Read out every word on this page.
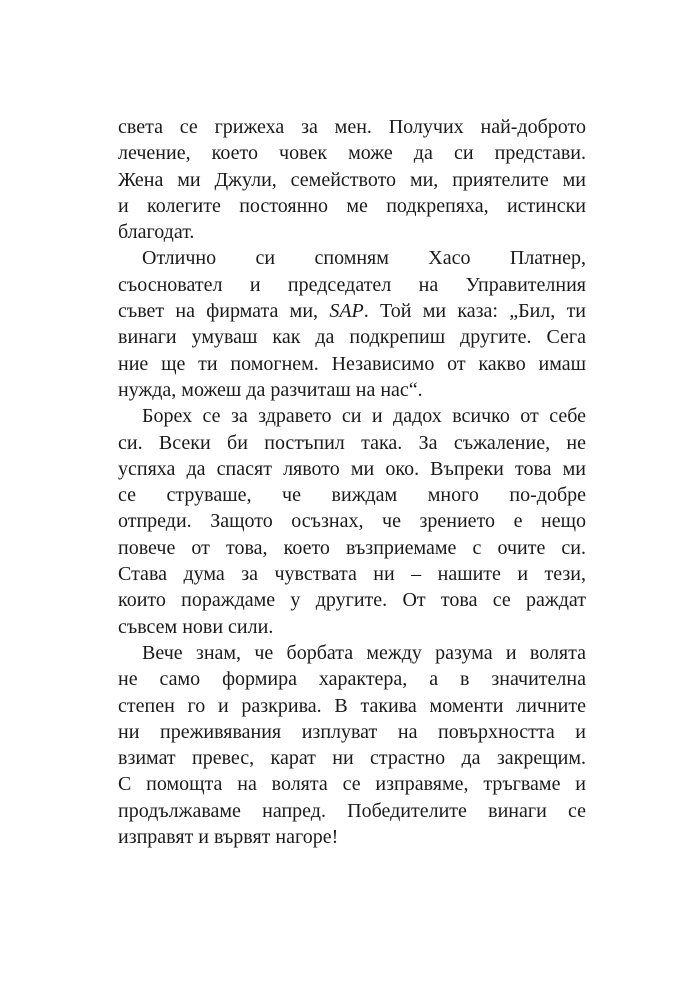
света се грижеха за мен. Получих най-доброто
лечение, което човек може да си представи.
Жена ми Джули, семейството ми, приятелите ми
и колегите постоянно ме подкрепяха, истински
благодат.
Отлично си спомням Хасо Платнер,
съосновател и председател на Управителния
съвет на фирмата ми, SAP. Той ми каза: „Бил, ти
винаги умуваш как да подкрепиш другите. Сега
ние ще ти помогнем. Независимо от какво имаш
нужда, можеш да разчиташ на нас“.
Борех се за здравето си и дадох всичко от себе
си. Всеки би постъпил така. За съжаление, не
успяха да спасят лявото ми око. Въпреки това ми
се струваше, че виждам много по-добре
отпреди. Защото осъзнах, че зрението е нещо
повече от това, което възприемаме с очите си.
Става дума за чувствата ни – нашите и тези,
които пораждаме у другите. От това се раждат
съвсем нови сили.
Вече знам, че борбата между разума и волята
не само формира характера, а в значителна
степен го и разкрива. В такива моменти личните
ни преживявания изплуват на повърхността и
взимат превес, карат ни страстно да закрещим.
С помощта на волята се изправяме, тръгваме и
продължаваме напред. Победителите винаги се
изправят и вървят нагоре!
